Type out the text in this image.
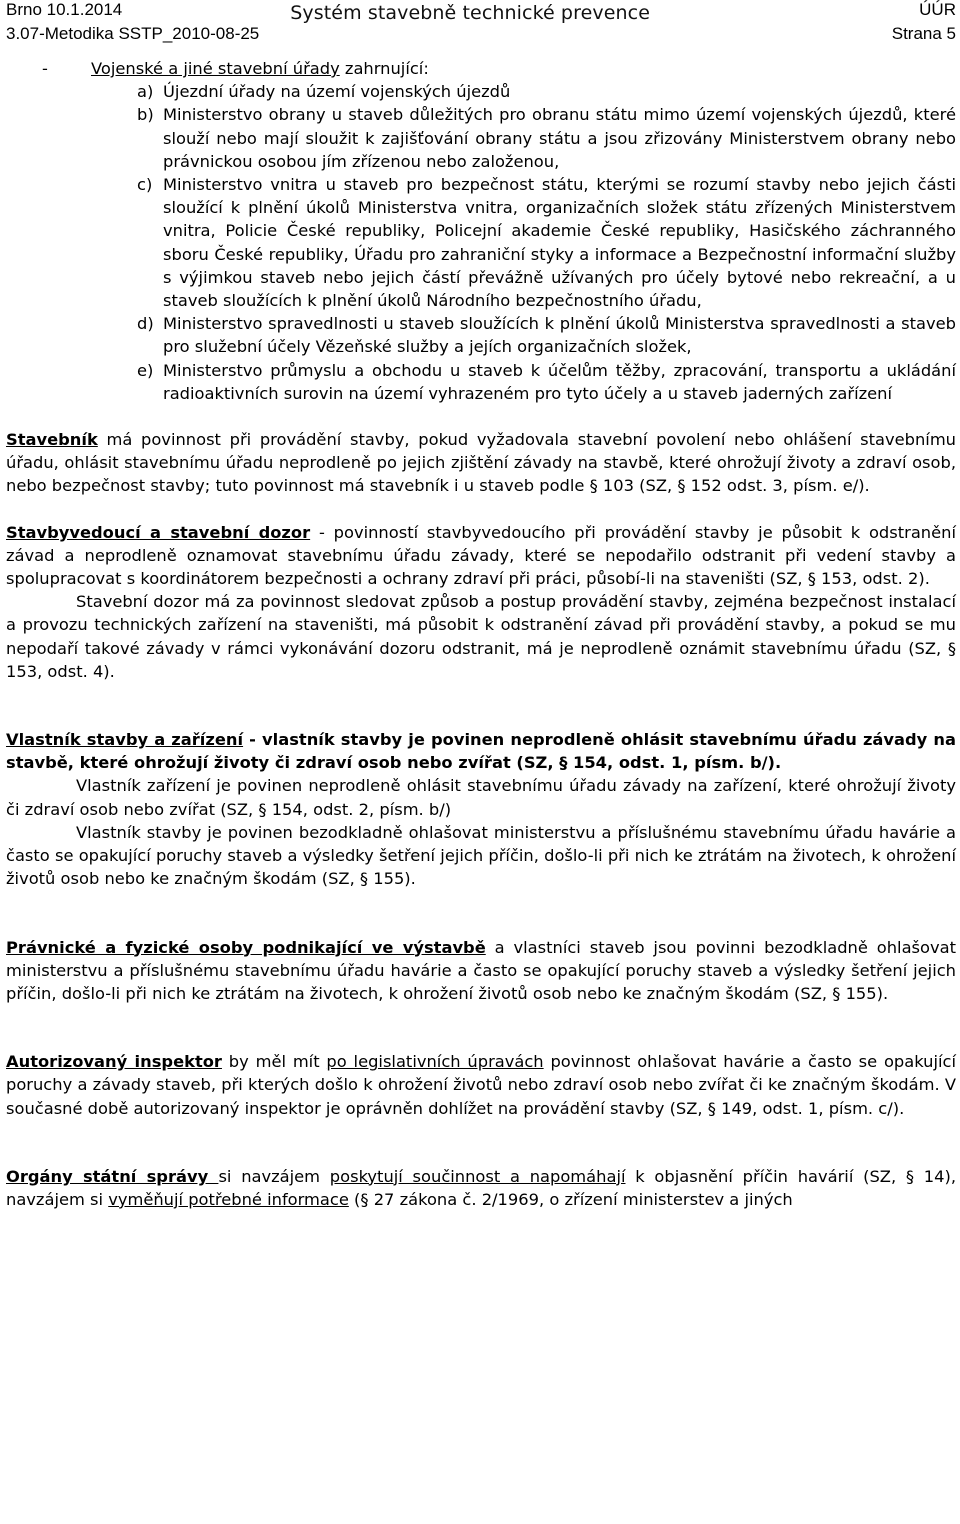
Systém stavebně technické prevence
-	Vojenské a jiné stavební úřady zahrnující:
a) Újezdní úřady na území vojenských újezdů
b) Ministerstvo obrany u staveb důležitých pro obranu státu mimo území vojenských újezdů, které slouží nebo mají sloužit k zajišťování obrany státu a jsou zřizovány Ministerstvem obrany nebo právnickou osobou jím zřízenou nebo založenou,
c) Ministerstvo vnitra u staveb pro bezpečnost státu, kterými se rozumí stavby nebo jejich části sloužící k plnění úkolů Ministerstva vnitra, organizačních složek státu zřízených Ministerstvem vnitra, Policie České republiky, Policejní akademie České republiky, Hasičského záchranného sboru České republiky, Úřadu pro zahraniční styky a informace a Bezpečnostní informační služby s výjimkou staveb nebo jejich částí převážně užívaných pro účely bytové nebo rekreační, a u staveb sloužících k plnění úkolů Národního bezpečnostního úřadu,
d) Ministerstvo spravedlnosti u staveb sloužících k plnění úkolů Ministerstva spravedlnosti a staveb pro služební účely Vězeňské služby a jejích organizačních složek,
e) Ministerstvo průmyslu a obchodu u staveb k účelům těžby, zpracování, transportu a ukládání radioaktivních surovin na území vyhrazeném pro tyto účely a u staveb jaderných zařízení

Stavebník má povinnost při provádění stavby, pokud vyžadovala stavební povolení nebo ohlášení stavebnímu úřadu, ohlásit stavebnímu úřadu neprodleně po jejich zjištění závady na stavbě, které ohrožují životy a zdraví osob, nebo bezpečnost stavby; tuto povinnost má stavebník i u staveb podle § 103 (SZ, § 152 odst. 3, písm. e/).

Stavbyvedoucí a stavební dozor - povinností stavbyvedoucího při provádění stavby je působit k odstranění závad a neprodleně oznamovat stavebnímu úřadu závady, které se nepodařilo odstranit při vedení stavby a spolupracovat s koordinátorem bezpečnosti a ochrany zdraví při práci, působí-li na staveništi (SZ, § 153, odst. 2).

Stavební dozor má za povinnost sledovat způsob a postup provádění stavby, zejména bezpečnost instalací a provozu technických zařízení na staveništi, má působit k odstranění závad při provádění stavby, a pokud se mu nepodaří takové závady v rámci vykonávání dozoru odstranit, má je neprodleně oznámit stavebnímu úřadu (SZ, § 153, odst. 4).

Vlastník stavby a zařízení - vlastník stavby je povinen neprodleně ohlásit stavebnímu úřadu závady na stavbě, které ohrožují životy či zdraví osob nebo zvířat (SZ, § 154, odst. 1, písm. b/).

Vlastník zařízení je povinen neprodleně ohlásit stavebnímu úřadu závady na zařízení, které ohrožují životy či zdraví osob nebo zvířat (SZ, § 154, odst. 2, písm. b/)

Vlastník stavby je povinen bezodkladně ohlašovat ministerstvu a příslušnému stavebnímu úřadu havárie a často se opakující poruchy staveb a výsledky šetření jejich příčin, došlo-li při nich ke ztrátám na životech, k ohrožení životů osob nebo ke značným škodám (SZ, § 155).

Právnické a fyzické osoby podnikající ve výstavbě a vlastníci staveb jsou povinni bezodkladně ohlašovat ministerstvu a příslušnému stavebnímu úřadu havárie a často se opakující poruchy staveb a výsledky šetření jejich příčin, došlo-li při nich ke ztrátám na životech, k ohrožení životů osob nebo ke značným škodám (SZ, § 155).

Autorizovaný inspektor by měl mít po legislativních úpravách povinnost ohlašovat havárie a často se opakující poruchy a závady staveb, při kterých došlo k ohrožení životů nebo zdraví osob nebo zvířat či ke značným škodám. V současné době autorizovaný inspektor je oprávněn dohlížet na provádění stavby (SZ, § 149, odst. 1, písm. c/).

Orgány státní správy si navzájem poskytují součinnost a napomáhají k objasnění příčin havárií (SZ, § 14), navzájem si vyměňují potřebné informace (§ 27 zákona č. 2/1969, o zřízení ministerstev a jiných

Brno 10.1.2014	ÚÚR
3.07-Metodika SSTP_2010-08-25	Strana 5
